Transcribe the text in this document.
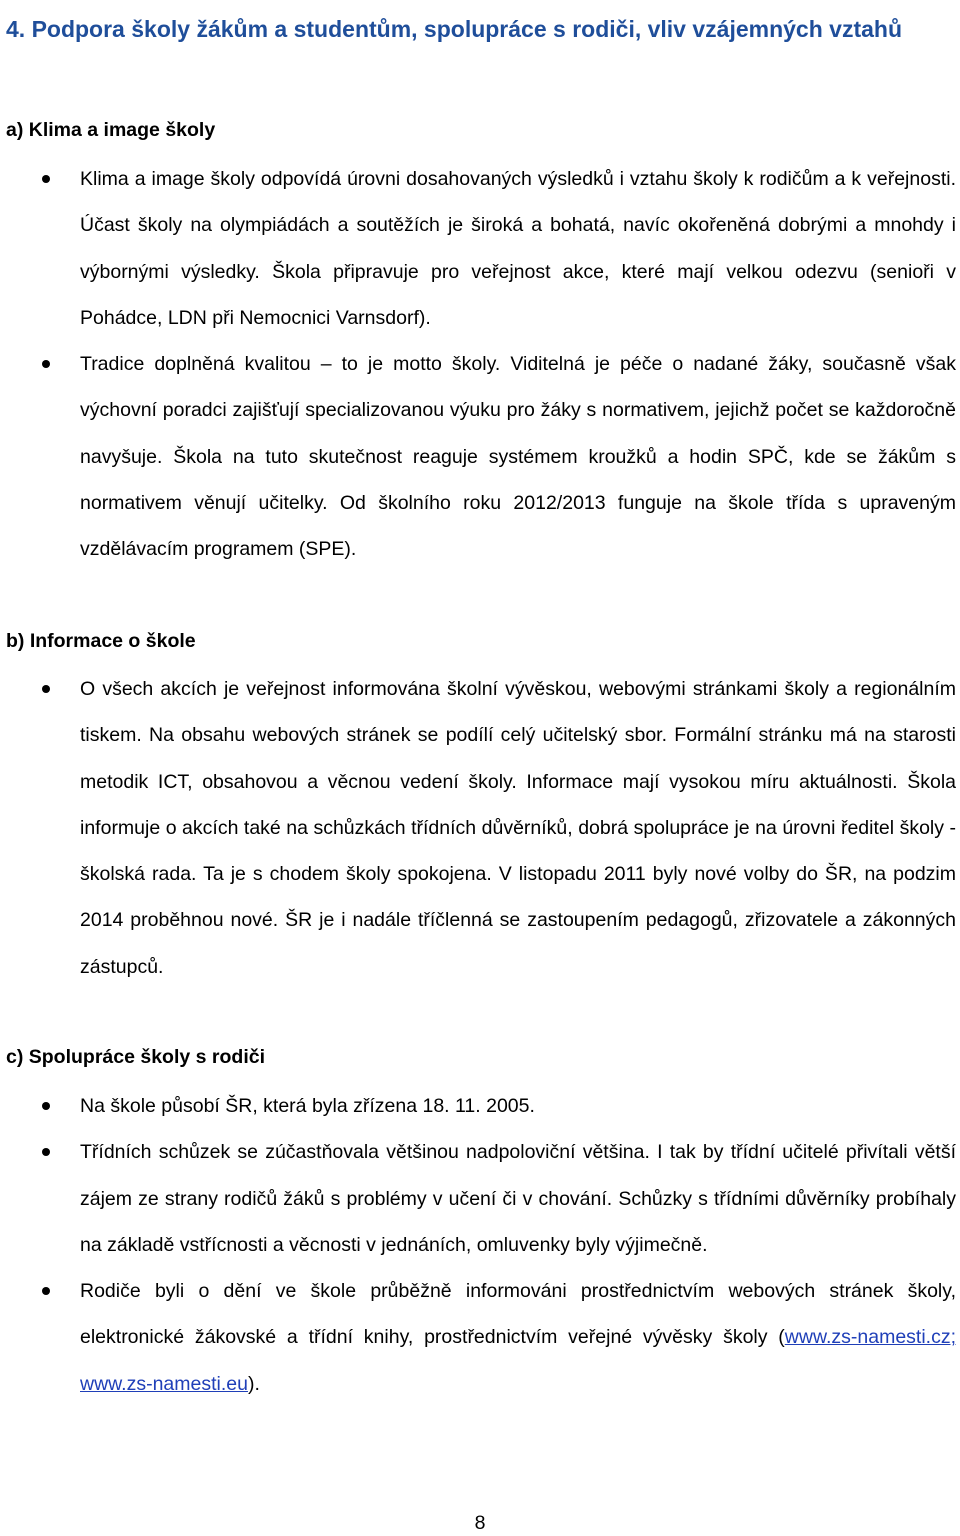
4. Podpora školy žákům a studentům, spolupráce s rodiči, vliv vzájemných vztahů
a) Klima a image školy
Klima a image školy odpovídá úrovni dosahovaných výsledků i vztahu školy k rodičům a k veřejnosti. Účast školy na olympiádách a soutěžích je široká a bohatá, navíc okořeněná dobrými a mnohdy i výbornými výsledky. Škola připravuje pro veřejnost akce, které mají velkou odezvu (senioři v Pohádce, LDN při Nemocnici Varnsdorf).
Tradice doplněná kvalitou – to je motto školy. Viditelná je péče o nadané žáky, současně však výchovní poradci zajišťují specializovanou výuku pro žáky s normativem, jejichž počet se každoročně navyšuje. Škola na tuto skutečnost reaguje systémem kroužků a hodin SPČ, kde se žákům s normativem věnují učitelky. Od školního roku 2012/2013 funguje na škole třída s upraveným vzdělávacím programem (SPE).
b) Informace o škole
O všech akcích je veřejnost informována školní vývěskou, webovými stránkami školy a regionálním tiskem. Na obsahu webových stránek se podílí celý učitelský sbor. Formální stránku má na starosti metodik ICT, obsahovou a věcnou vedení školy. Informace mají vysokou míru aktuálnosti. Škola informuje o akcích také na schůzkách třídních důvěrníků, dobrá spolupráce je na úrovni ředitel školy - školská rada. Ta je s chodem školy spokojena. V listopadu 2011 byly nové volby do ŠR, na podzim 2014 proběhnou nové. ŠR je i nadále tříčlenná se zastoupením pedagogů, zřizovatele a zákonných zástupců.
c) Spolupráce školy s rodiči
Na škole působí ŠR, která byla zřízena 18. 11. 2005.
Třídních schůzek se zúčastňovala většinou nadpoloviční většina. I tak by třídní učitelé přivítali větší zájem ze strany rodičů žáků s problémy v učení či v chování. Schůzky s třídními důvěrníky probíhaly na základě vstřícnosti a věcnosti v jednáních, omluvenky byly výjimečně.
Rodiče byli o dění ve škole průběžně informováni prostřednictvím webových stránek školy, elektronické žákovské a třídní knihy, prostřednictvím veřejné vývěsky školy (www.zs-namesti.cz; www.zs-namesti.eu).
8
